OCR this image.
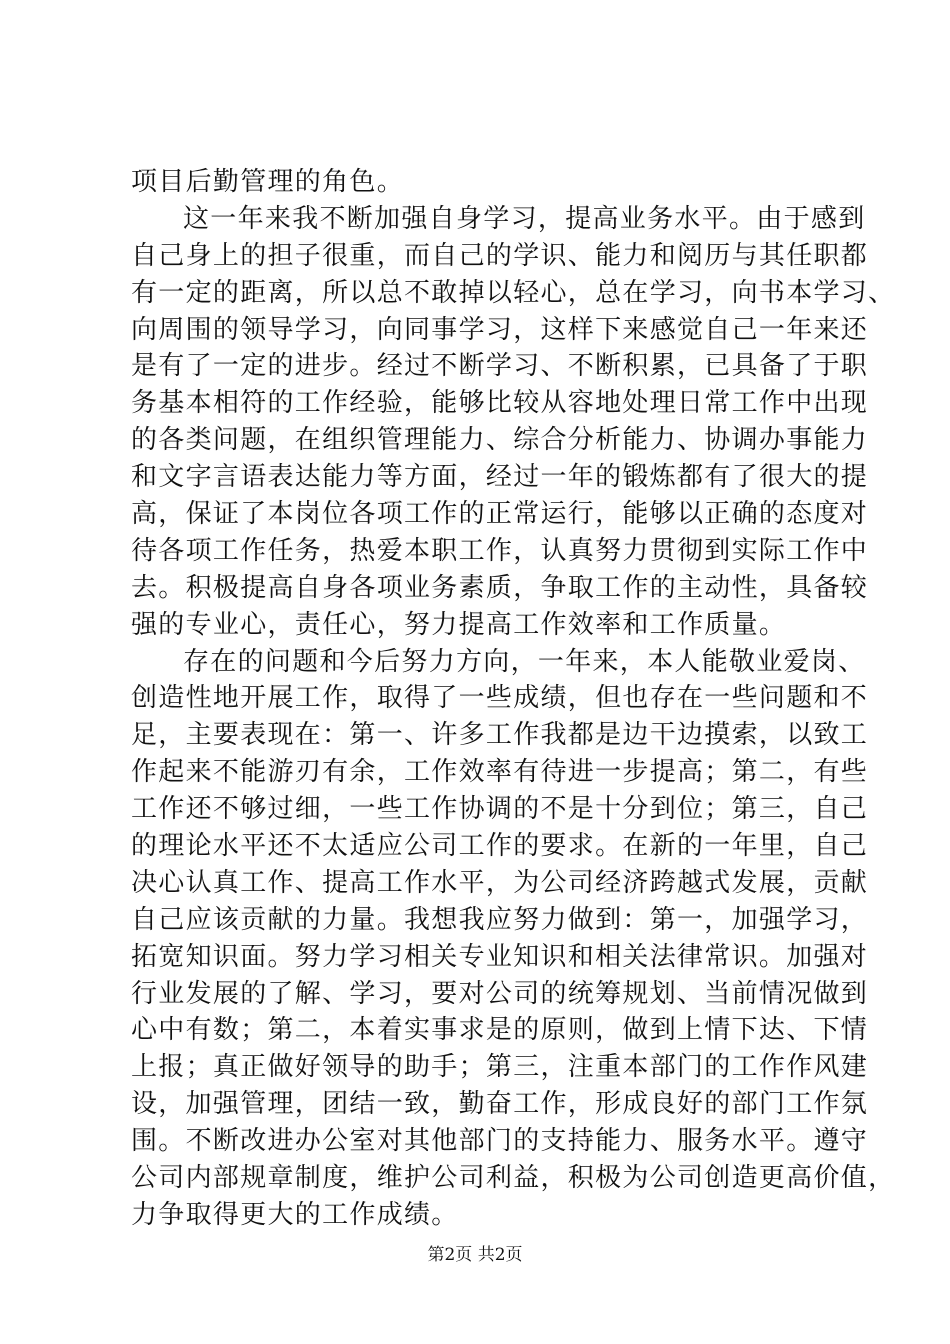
项目后勤管理的角色。
这一年来我不断加强自身学习，提高业务水平。由于感到
自己身上的担子很重，而自己的学识、能力和阅历与其任职都
有一定的距离，所以总不敢掉以轻心，总在学习，向书本学习、
向周围的领导学习，向同事学习，这样下来感觉自己一年来还
是有了一定的进步。经过不断学习、不断积累，已具备了于职
务基本相符的工作经验，能够比较从容地处理日常工作中出现
的各类问题，在组织管理能力、综合分析能力、协调办事能力
和文字言语表达能力等方面，经过一年的锻炼都有了很大的提
高，保证了本岗位各项工作的正常运行，能够以正确的态度对
待各项工作任务，热爱本职工作，认真努力贯彻到实际工作中
去。积极提高自身各项业务素质，争取工作的主动性，具备较
强的专业心，责任心，努力提高工作效率和工作质量。
存在的问题和今后努力方向，一年来，本人能敬业爱岗、
创造性地开展工作，取得了一些成绩，但也存在一些问题和不
足，主要表现在：第一、许多工作我都是边干边摸索，以致工
作起来不能游刃有余，工作效率有待进一步提高；第二，有些
工作还不够过细，一些工作协调的不是十分到位；第三，自己
的理论水平还不太适应公司工作的要求。在新的一年里，自己
决心认真工作、提高工作水平，为公司经济跨越式发展，贡献
自己应该贡献的力量。我想我应努力做到：第一，加强学习，
拓宽知识面。努力学习相关专业知识和相关法律常识。加强对
行业发展的了解、学习，要对公司的统筹规划、当前情况做到
心中有数；第二，本着实事求是的原则，做到上情下达、下情
上报；真正做好领导的助手；第三，注重本部门的工作作风建
设，加强管理，团结一致，勤奋工作，形成良好的部门工作氛
围。不断改进办公室对其他部门的支持能力、服务水平。遵守
公司内部规章制度，维护公司利益，积极为公司创造更高价值，
力争取得更大的工作成绩。
第2页 共2页
